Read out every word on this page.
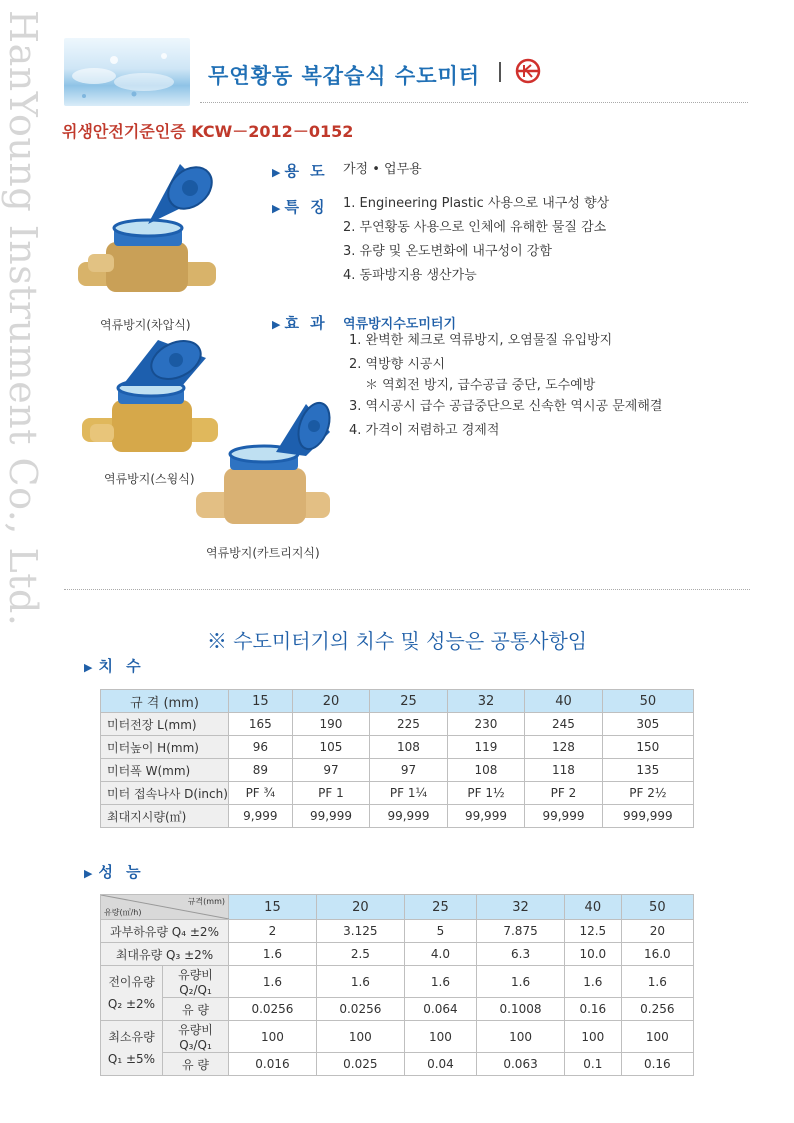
HanYoung Instrument Co., Ltd.	무연황동 복갑습식 수도미터
위생안전기준인증 KCW－2012－0152
역류방지(차압식)
역류방지(스윙식)
역류방지(카트리지식)
▶ 용 도 가정 • 업무용
▶ 특 징 1. Engineering Plastic 사용으로 내구성 향상
2. 무연황동 사용으로 인체에 유해한 물질 감소
3. 유량 및 온도변화에 내구성이 강함
4. 동파방지용 생산가능
▶ 효 과 역류방지수도미터기
1. 완벽한 체크로 역류방지, 오염물질 유입방지
2. 역방향 시공시
＊ 역회전 방지, 급수공급 중단, 도수예방
3. 역시공시 급수 공급중단으로 신속한 역시공 문제해결
4. 가격이 저렴하고 경제적
※ 수도미터기의 치수 및 성능은 공통사항임
▶ 치 수
규 격 (mm)	15	20	25	32	40	50
미터전장 L(mm)	165	190	225	230	245	305
미터높이 H(mm)	96	105	108	119	128	150
미터폭 W(mm)	89	97	97	108	118	135
미터 접속나사 D(inch)	PF ¾	PF 1	PF 1¼	PF 1½	PF 2	PF 2½
최대지시량(㎥)	9,999	99,999	99,999	99,999	99,999	999,999
▶ 성 능
규격(mm)
유량(㎥/h)		15	20	25	32	40	50
과부하유량 Q₄ ±2%		2	3.125	5	7.875	12.5	20
최대유량 Q₃ ±2%		1.6	2.5	4.0	6.3	10.0	16.0

전이유량
Q₂ ±2%	유량비Q₂/Q₁	1.6	1.6	1.6	1.6	1.6	1.6
	유 량	0.0256	0.0256	0.064	0.1008	0.16	0.256

최소유량
Q₁ ±5%	유량비Q₃/Q₁	100	100	100	100	100	100
	유 량	0.016	0.025	0.04	0.063	0.1	0.16
